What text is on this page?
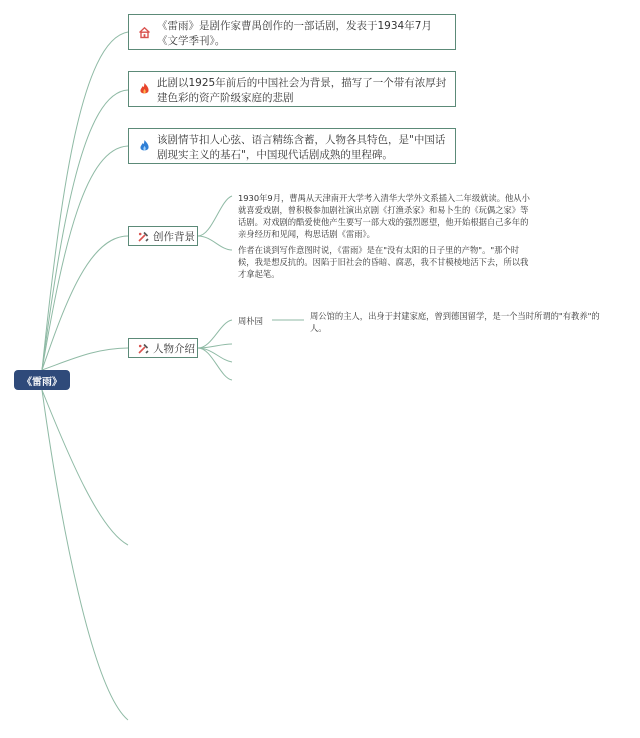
《雷雨》
《雷雨》是剧作家曹禺创作的一部话剧，发表于1934年7月《文学季刊》。
此剧以1925年前后的中国社会为背景，描写了一个带有浓厚封建色彩的资产阶级家庭的悲剧
该剧情节扣人心弦、语言精练含蓄，人物各具特色，是"中国话剧现实主义的基石"，中国现代话剧成熟的里程碑。
创作背景
1930年9月，曹禺从天津南开大学考入清华大学外文系插入二年级就读。他从小就喜爱戏剧，曾积极参加剧社演出京剧《打渔杀家》和易卜生的《玩偶之家》等话剧。对戏剧的酷爱使他产生要写一部大戏的强烈愿望，他开始根据自己多年的亲身经历和见闻，构思话剧《雷雨》。
作者在谈到写作意图时说，《雷雨》是在"没有太阳的日子里的产物"。"那个时候，我是想反抗的。因陷于旧社会的昏暗、腐恶，我不甘模棱地活下去，所以我才拿起笔。
人物介绍
周朴园	周公馆的主人，出身于封建家庭，曾到德国留学，是一个当时所谓的"有教养"的人。
